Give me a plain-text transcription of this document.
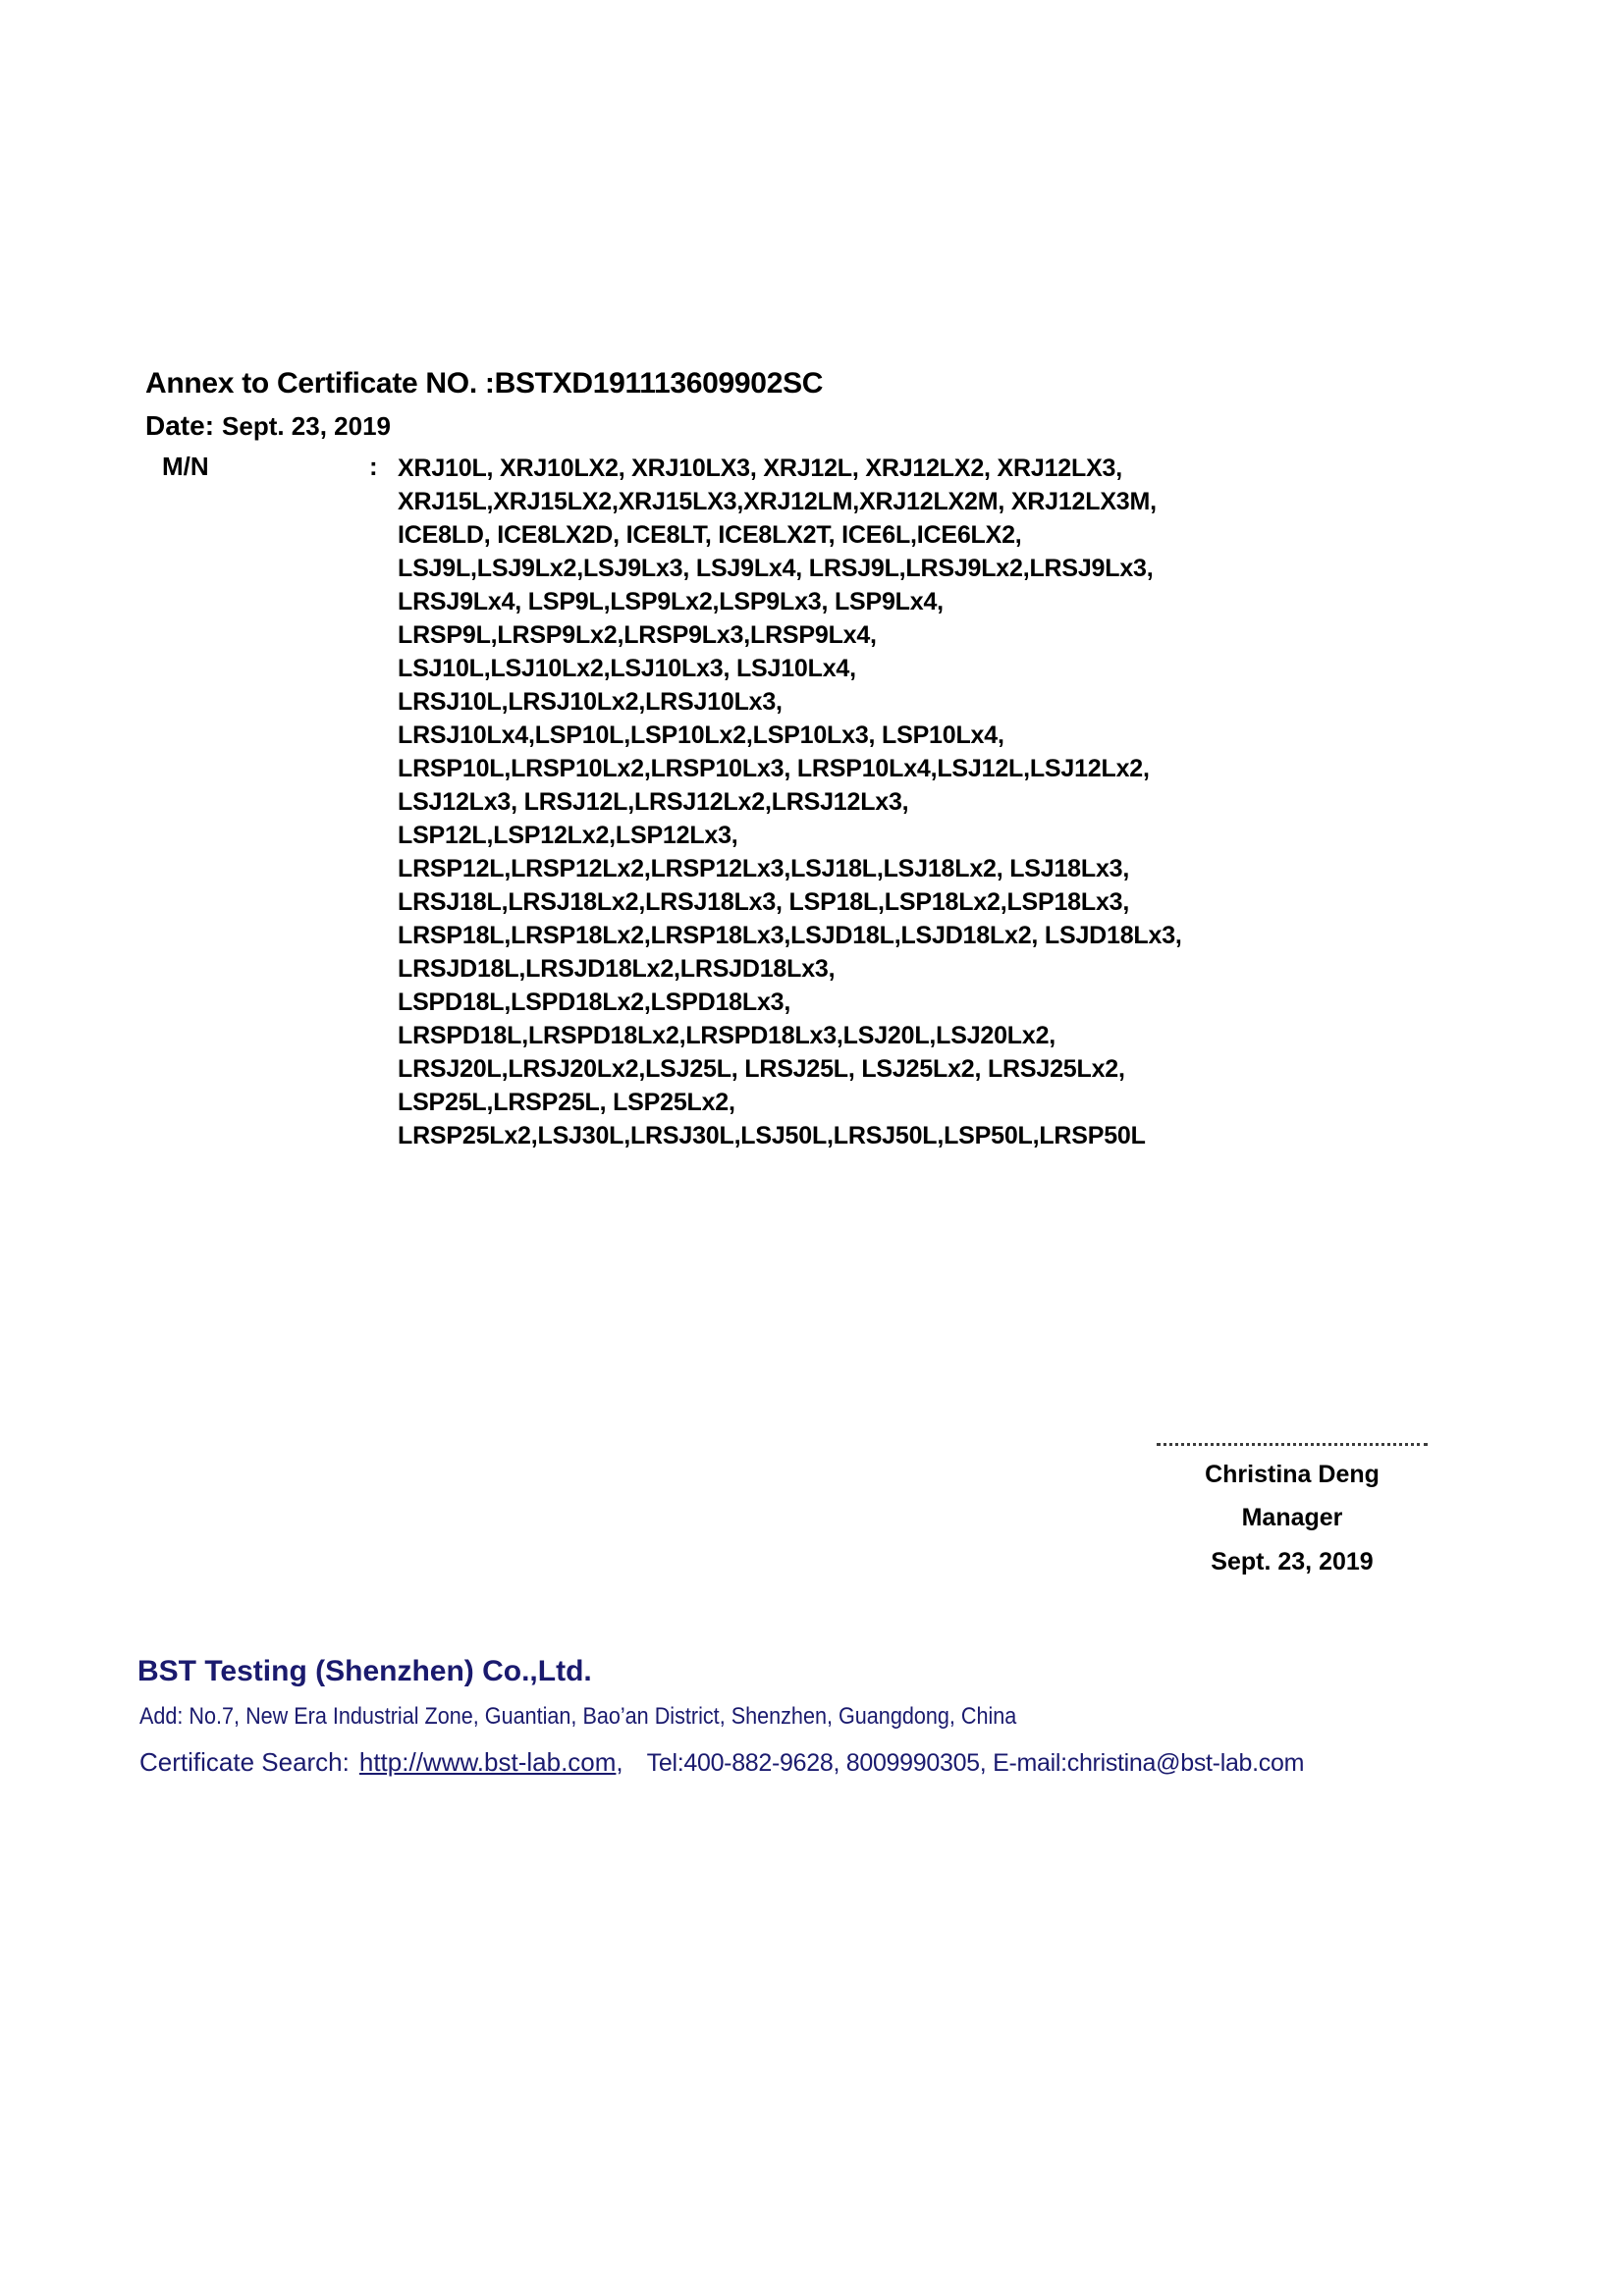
Annex to Certificate NO. :BSTXD191113609902SC
Date: Sept. 23, 2019
M/N	: XRJ10L, XRJ10LX2, XRJ10LX3, XRJ12L, XRJ12LX2, XRJ12LX3,
XRJ15L,XRJ15LX2,XRJ15LX3,XRJ12LM,XRJ12LX2M, XRJ12LX3M,
ICE8LD, ICE8LX2D, ICE8LT, ICE8LX2T, ICE6L,ICE6LX2,
LSJ9L,LSJ9Lx2,LSJ9Lx3, LSJ9Lx4, LRSJ9L,LRSJ9Lx2,LRSJ9Lx3,
LRSJ9Lx4, LSP9L,LSP9Lx2,LSP9Lx3, LSP9Lx4,
LRSP9L,LRSP9Lx2,LRSP9Lx3,LRSP9Lx4,
LSJ10L,LSJ10Lx2,LSJ10Lx3, LSJ10Lx4,
LRSJ10L,LRSJ10Lx2,LRSJ10Lx3,
LRSJ10Lx4,LSP10L,LSP10Lx2,LSP10Lx3, LSP10Lx4,
LRSP10L,LRSP10Lx2,LRSP10Lx3, LRSP10Lx4,LSJ12L,LSJ12Lx2,
LSJ12Lx3, LRSJ12L,LRSJ12Lx2,LRSJ12Lx3,
LSP12L,LSP12Lx2,LSP12Lx3,
LRSP12L,LRSP12Lx2,LRSP12Lx3,LSJ18L,LSJ18Lx2, LSJ18Lx3,
LRSJ18L,LRSJ18Lx2,LRSJ18Lx3, LSP18L,LSP18Lx2,LSP18Lx3,
LRSP18L,LRSP18Lx2,LRSP18Lx3,LSJD18L,LSJD18Lx2, LSJD18Lx3,
LRSJD18L,LRSJD18Lx2,LRSJD18Lx3,
LSPD18L,LSPD18Lx2,LSPD18Lx3,
LRSPD18L,LRSPD18Lx2,LRSPD18Lx3,LSJ20L,LSJ20Lx2,
LRSJ20L,LRSJ20Lx2,LSJ25L, LRSJ25L, LSJ25Lx2, LRSJ25Lx2,
LSP25L,LRSP25L, LSP25Lx2,
LRSP25Lx2,LSJ30L,LRSJ30L,LSJ50L,LRSJ50L,LSP50L,LRSP50L
Christina Deng
Manager
Sept. 23, 2019
BST Testing (Shenzhen) Co.,Ltd.
Add: No.7, New Era Industrial Zone, Guantian, Bao’an District, Shenzhen, Guangdong, China
Certificate Search: http://www.bst-lab.com, Tel:400-882-9628, 8009990305, E-mail:christina@bst-lab.com
